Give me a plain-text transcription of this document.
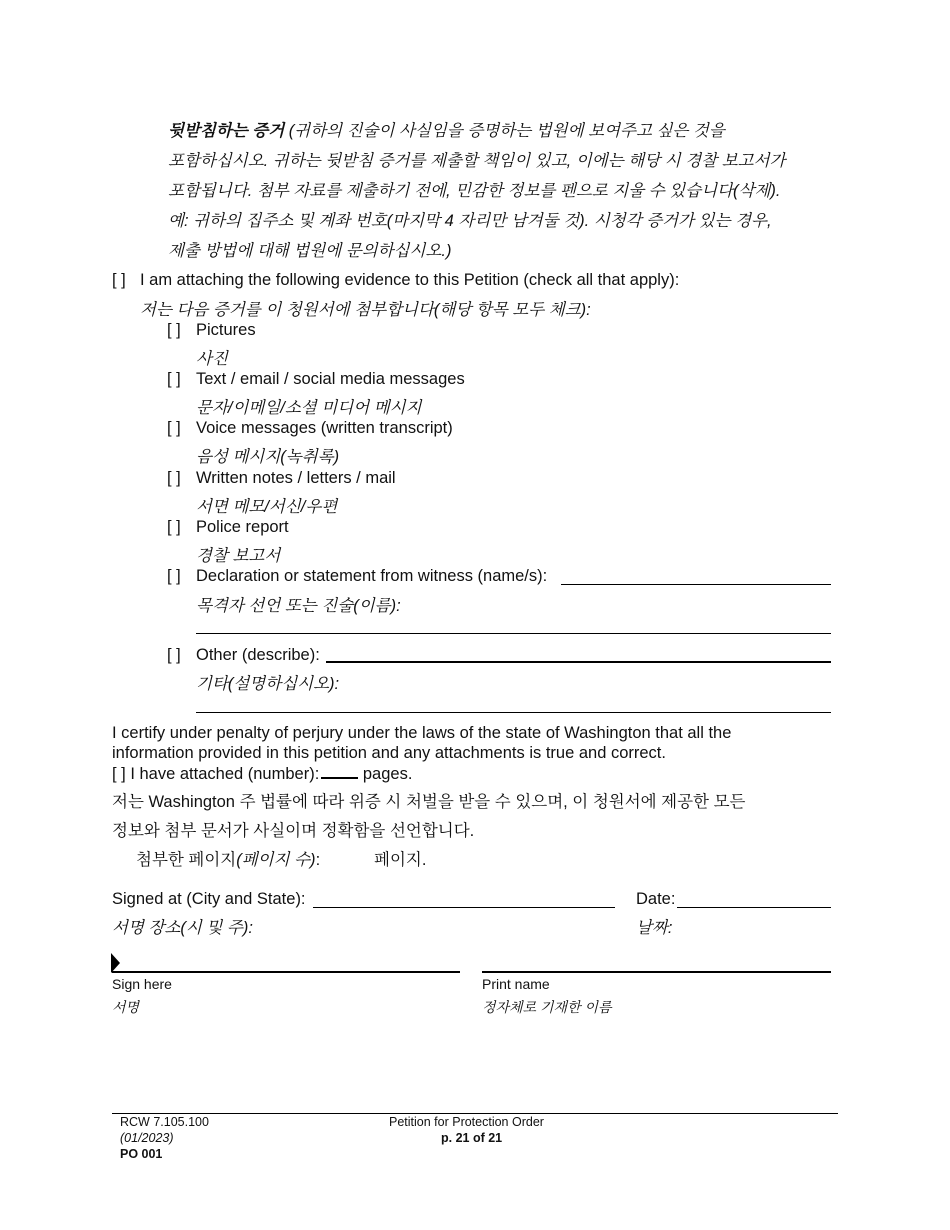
뒷받침하는 증거 (귀하의 진술이 사실임을 증명하는 법원에 보여주고 싶은 것을
포함하십시오. 귀하는 뒷받침 증거를 제출할 책임이 있고, 이에는 해당 시 경찰 보고서가
포함됩니다. 첨부 자료를 제출하기 전에, 민감한 정보를 펜으로 지울 수 있습니다(삭제).
예: 귀하의 집주소 및 계좌 번호(마지막 4 자리만 남겨둘 것). 시청각 증거가 있는 경우,
제출 방법에 대해 법원에 문의하십시오.)
[ ] I am attaching the following evidence to this Petition (check all that apply):
저는 다음 증거를 이 청원서에 첨부합니다(해당 항목 모두 체크):
[ ] Pictures
사진
[ ] Text / email / social media messages
문자/이메일/소셜 미디어 메시지
[ ] Voice messages (written transcript)
음성 메시지(녹취록)
[ ] Written notes / letters / mail
서면 메모/서신/우편
[ ] Police report
경찰 보고서
[ ] Declaration or statement from witness (name/s):
목격자 선언 또는 진술(이름):
[ ] Other (describe):
기타(설명하십시오):
I certify under penalty of perjury under the laws of the state of Washington that all the
information provided in this petition and any attachments is true and correct.
[ ] I have attached (number): pages.
저는 Washington 주 법률에 따라 위증 시 처벌을 받을 수 있으며, 이 청원서에 제공한 모든
정보와 첨부 문서가 사실이며 정확함을 선언합니다.
첨부한 페이지(페이지 수):	페이지.
Signed at (City and State):
서명 장소(시 및 주):
Date:
날짜:
Sign here
서명
Print name
정자체로 기재한 이름
RCW 7.105.100
(01/2023)
PO 001
Petition for Protection Order
p. 21 of 21
